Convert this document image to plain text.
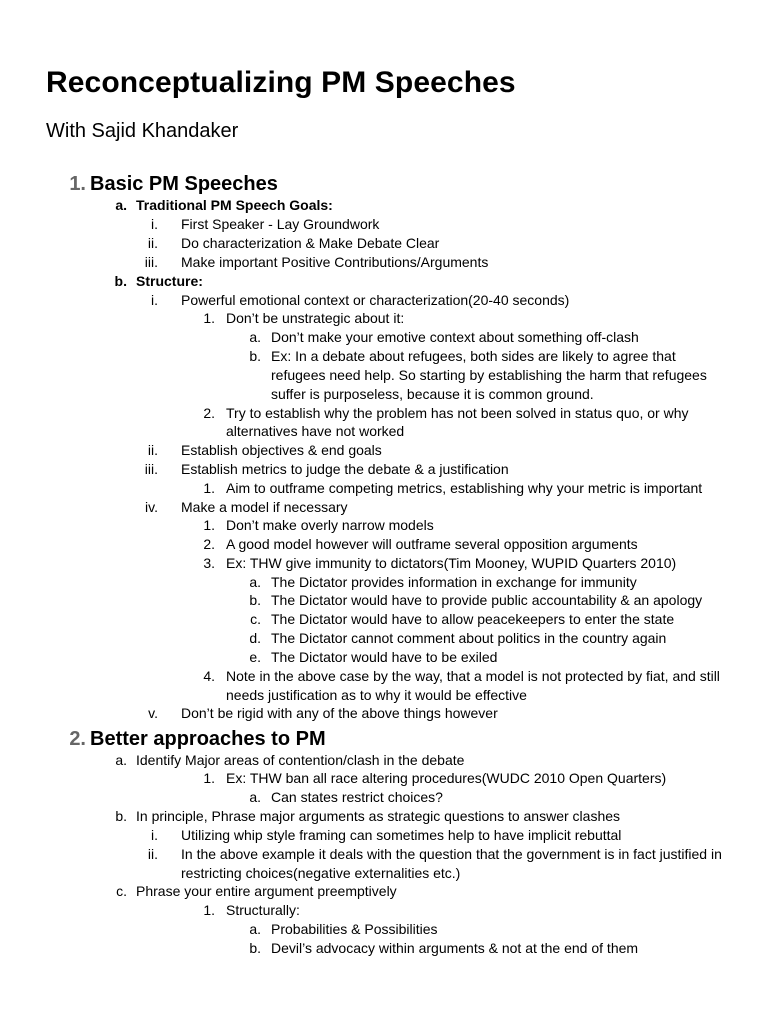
Reconceptualizing PM Speeches
With Sajid Khandaker
1. Basic PM Speeches
a. Traditional PM Speech Goals:
i. First Speaker - Lay Groundwork
ii. Do characterization & Make Debate Clear
iii. Make important Positive Contributions/Arguments
b. Structure:
i. Powerful emotional context or characterization(20-40 seconds)
1. Don’t be unstrategic about it:
a. Don’t make your emotive context about something off-clash
b. Ex: In a debate about refugees, both sides are likely to agree that
refugees need help. So starting by establishing the harm that refugees
suffer is purposeless, because it is common ground.
2. Try to establish why the problem has not been solved in status quo, or why
alternatives have not worked
ii. Establish objectives & end goals
iii. Establish metrics to judge the debate & a justification
1. Aim to outframe competing metrics, establishing why your metric is important
iv. Make a model if necessary
1. Don’t make overly narrow models
2. A good model however will outframe several opposition arguments
3. Ex: THW give immunity to dictators(Tim Mooney, WUPID Quarters 2010)
a. The Dictator provides information in exchange for immunity
b. The Dictator would have to provide public accountability & an apology
c. The Dictator would have to allow peacekeepers to enter the state
d. The Dictator cannot comment about politics in the country again
e. The Dictator would have to be exiled
4. Note in the above case by the way, that a model is not protected by fiat, and still
needs justification as to why it would be effective
v. Don’t be rigid with any of the above things however
2. Better approaches to PM
a. Identify Major areas of contention/clash in the debate
1. Ex: THW ban all race altering procedures(WUDC 2010 Open Quarters)
a. Can states restrict choices?
b. In principle, Phrase major arguments as strategic questions to answer clashes
i. Utilizing whip style framing can sometimes help to have implicit rebuttal
ii. In the above example it deals with the question that the government is in fact justified in
restricting choices(negative externalities etc.)
c. Phrase your entire argument preemptively
1. Structurally:
a. Probabilities & Possibilities
b. Devil’s advocacy within arguments & not at the end of them
